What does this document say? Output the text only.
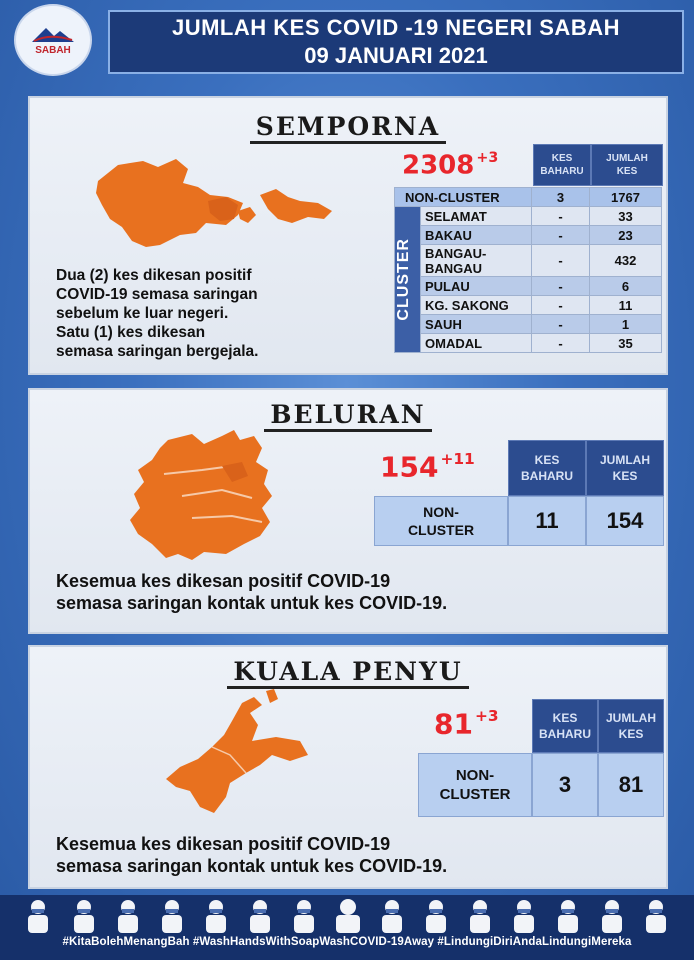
SABAH
JUMLAH KES COVID -19 NEGERI SABAH
09 JANUARI 2021
SEMPORNA
Dua (2) kes dikesan positif
COVID-19 semasa saringan
sebelum ke luar negeri.
Satu (1) kes dikesan
semasa saringan bergejala.
2308 $^{+3}$	KES
BAHARU
JUMLAH
KES
NON-CLUSTER		3	1767

CLUSTER	SELAMAT	-	33
	BAKAU	-	23

	BANGAU-
BANGAU	-	432
	PULAU	-	6
	KG. SAKONG	-	11
	SAUH	-	1
	OMADAL	-	35
BELURAN
154 $^{+11}$	KES
BAHARU
JUMLAH
KES
NON-
CLUSTER	11	154
Kesemua kes dikesan positif COVID-19
semasa saringan kontak untuk kes COVID-19.
KUALA PENYU
81 $^{+3}$	KES
BAHARU
JUMLAH
KES
NON-
CLUSTER	3	81
Kesemua kes dikesan positif COVID-19
semasa saringan kontak untuk kes COVID-19.
#KitaBolehMenangBah #WashHandsWithSoapWashCOVID-19Away #LindungiDiriAndaLindungiMereka
